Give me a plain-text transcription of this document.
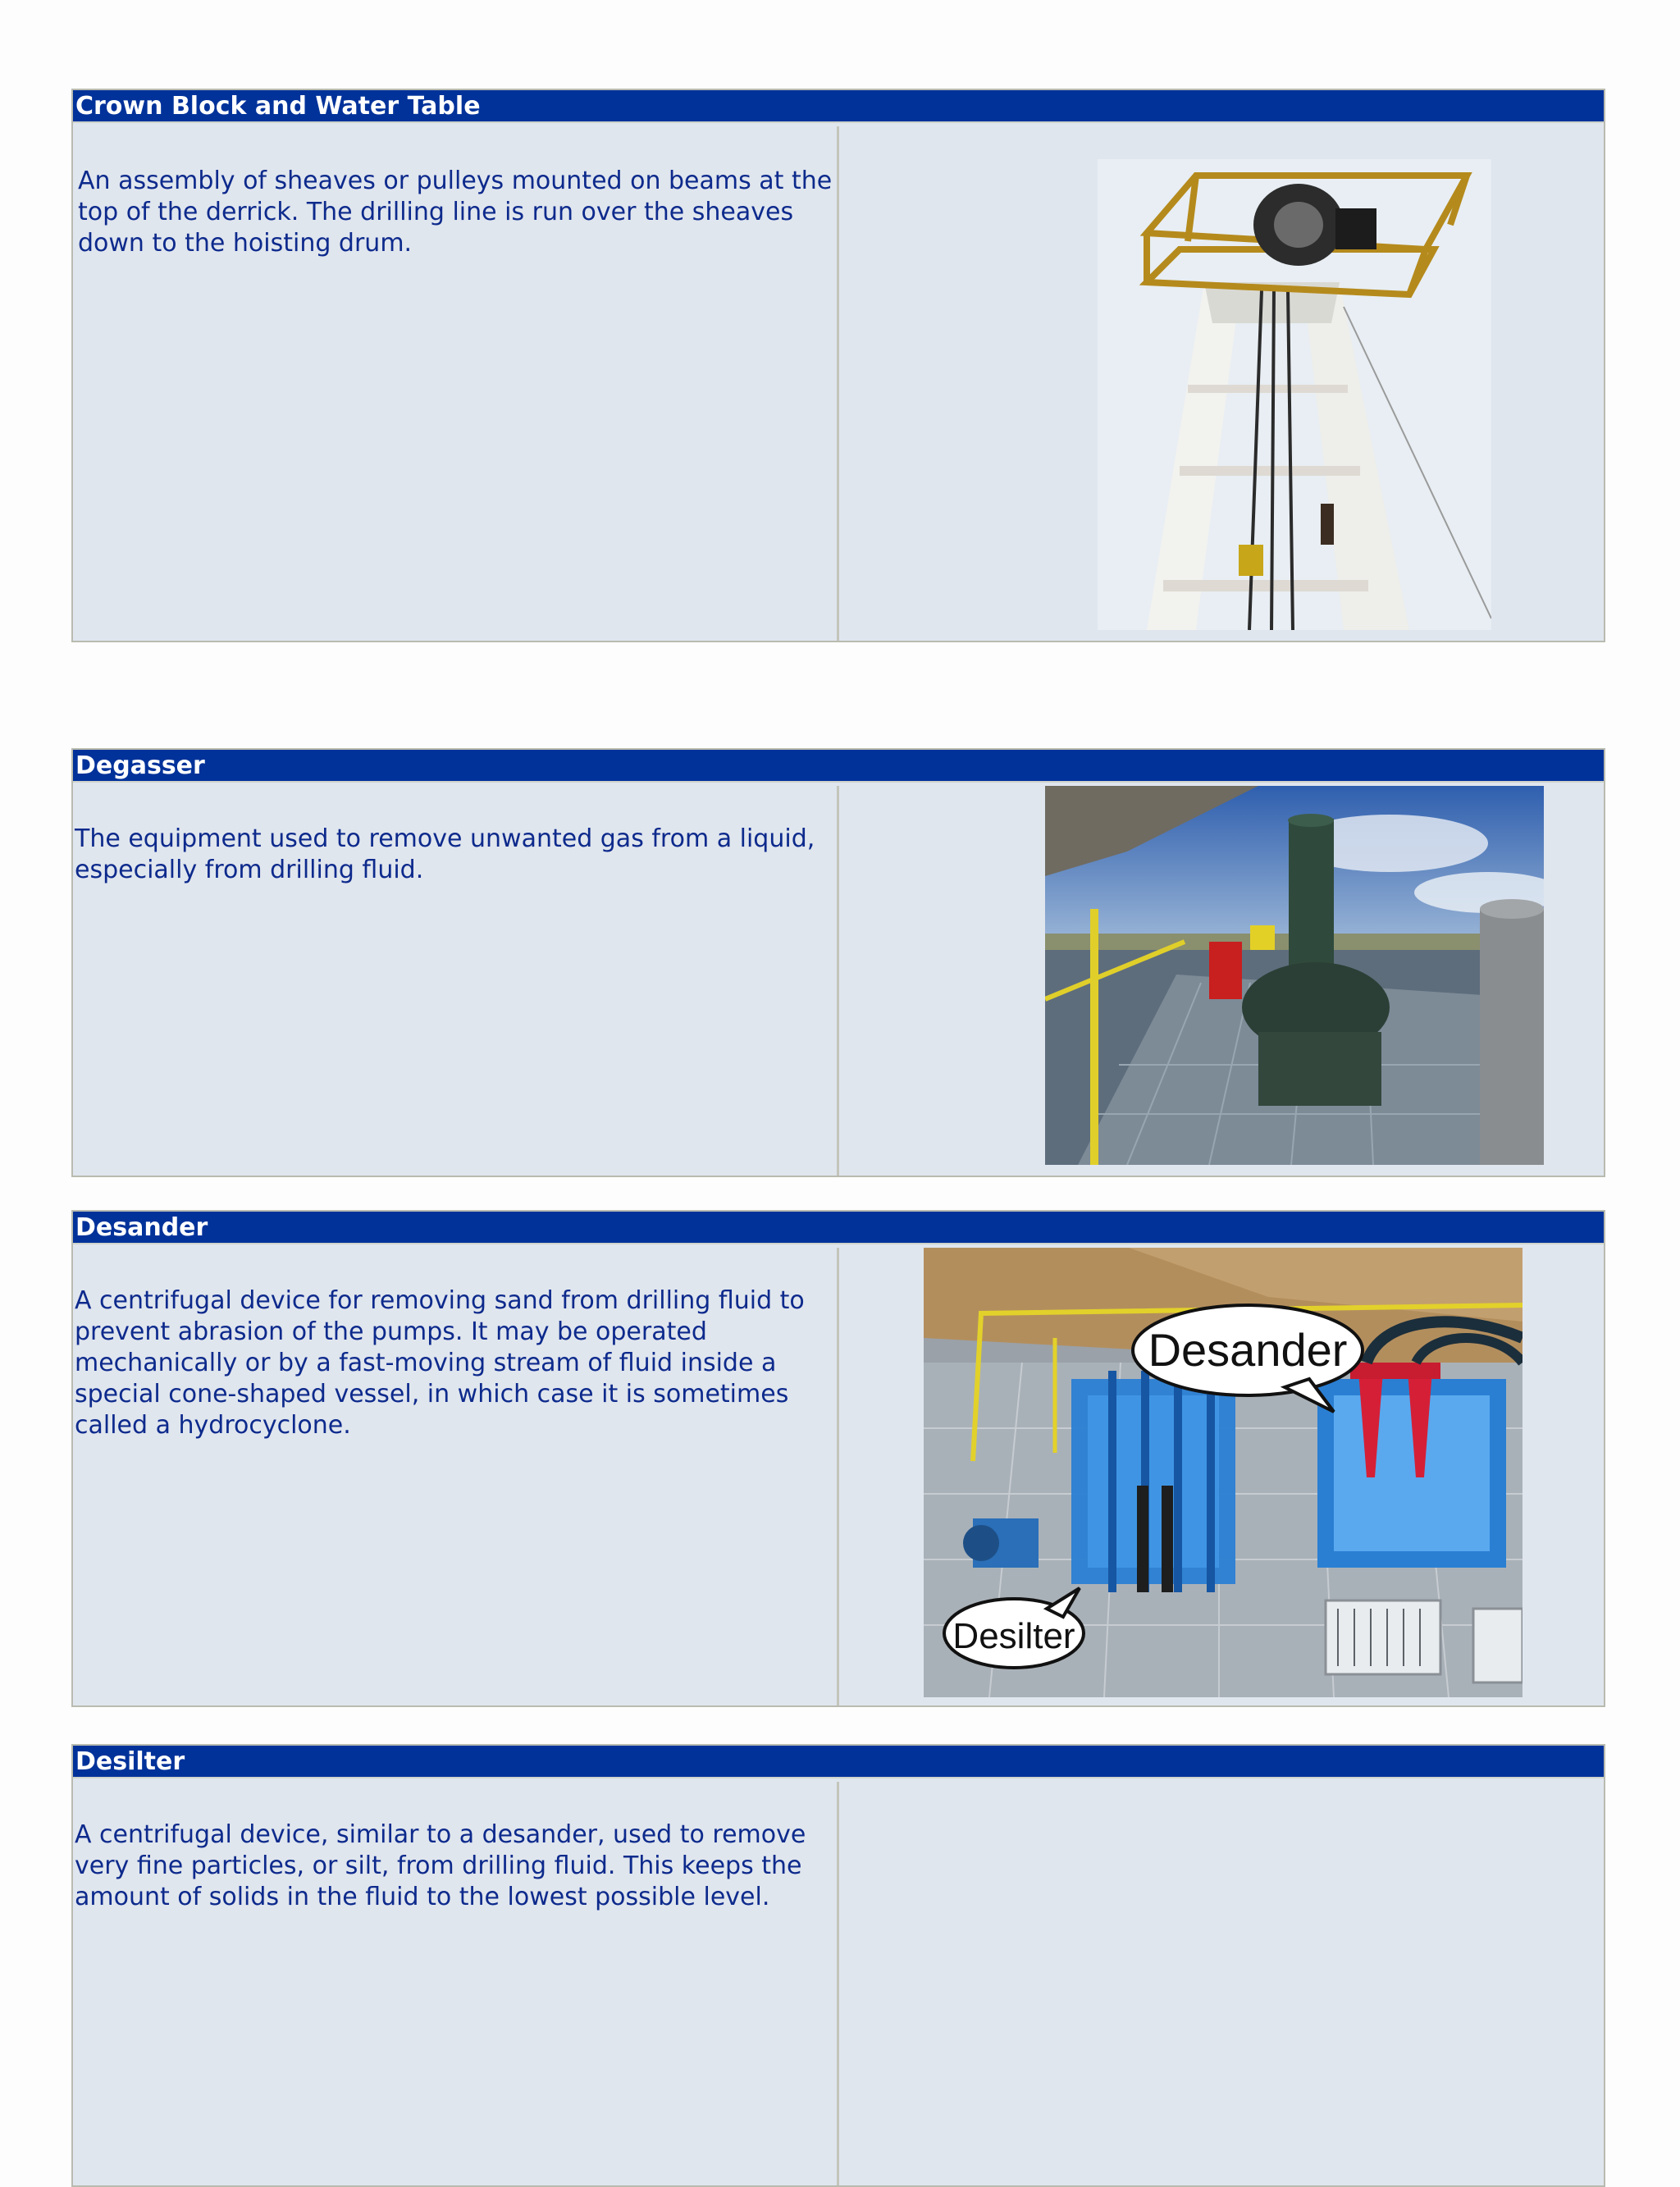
Crown Block and Water Table
An assembly of sheaves or pulleys mounted on beams at the top of the derrick. The drilling line is run over the sheaves down to the hoisting drum.
Degasser
The equipment used to remove unwanted gas from a liquid, especially from drilling fluid.
Desander
A centrifugal device for removing sand from drilling fluid to prevent abrasion of the pumps. It may be operated mechanically or by a fast-moving stream of fluid inside a special cone-shaped vessel, in which case it is sometimes called a hydrocyclone.
Desander
Desilter
Desilter
A centrifugal device, similar to a desander, used to remove very fine particles, or silt, from drilling fluid. This keeps the amount of solids in the fluid to the lowest possible level.
